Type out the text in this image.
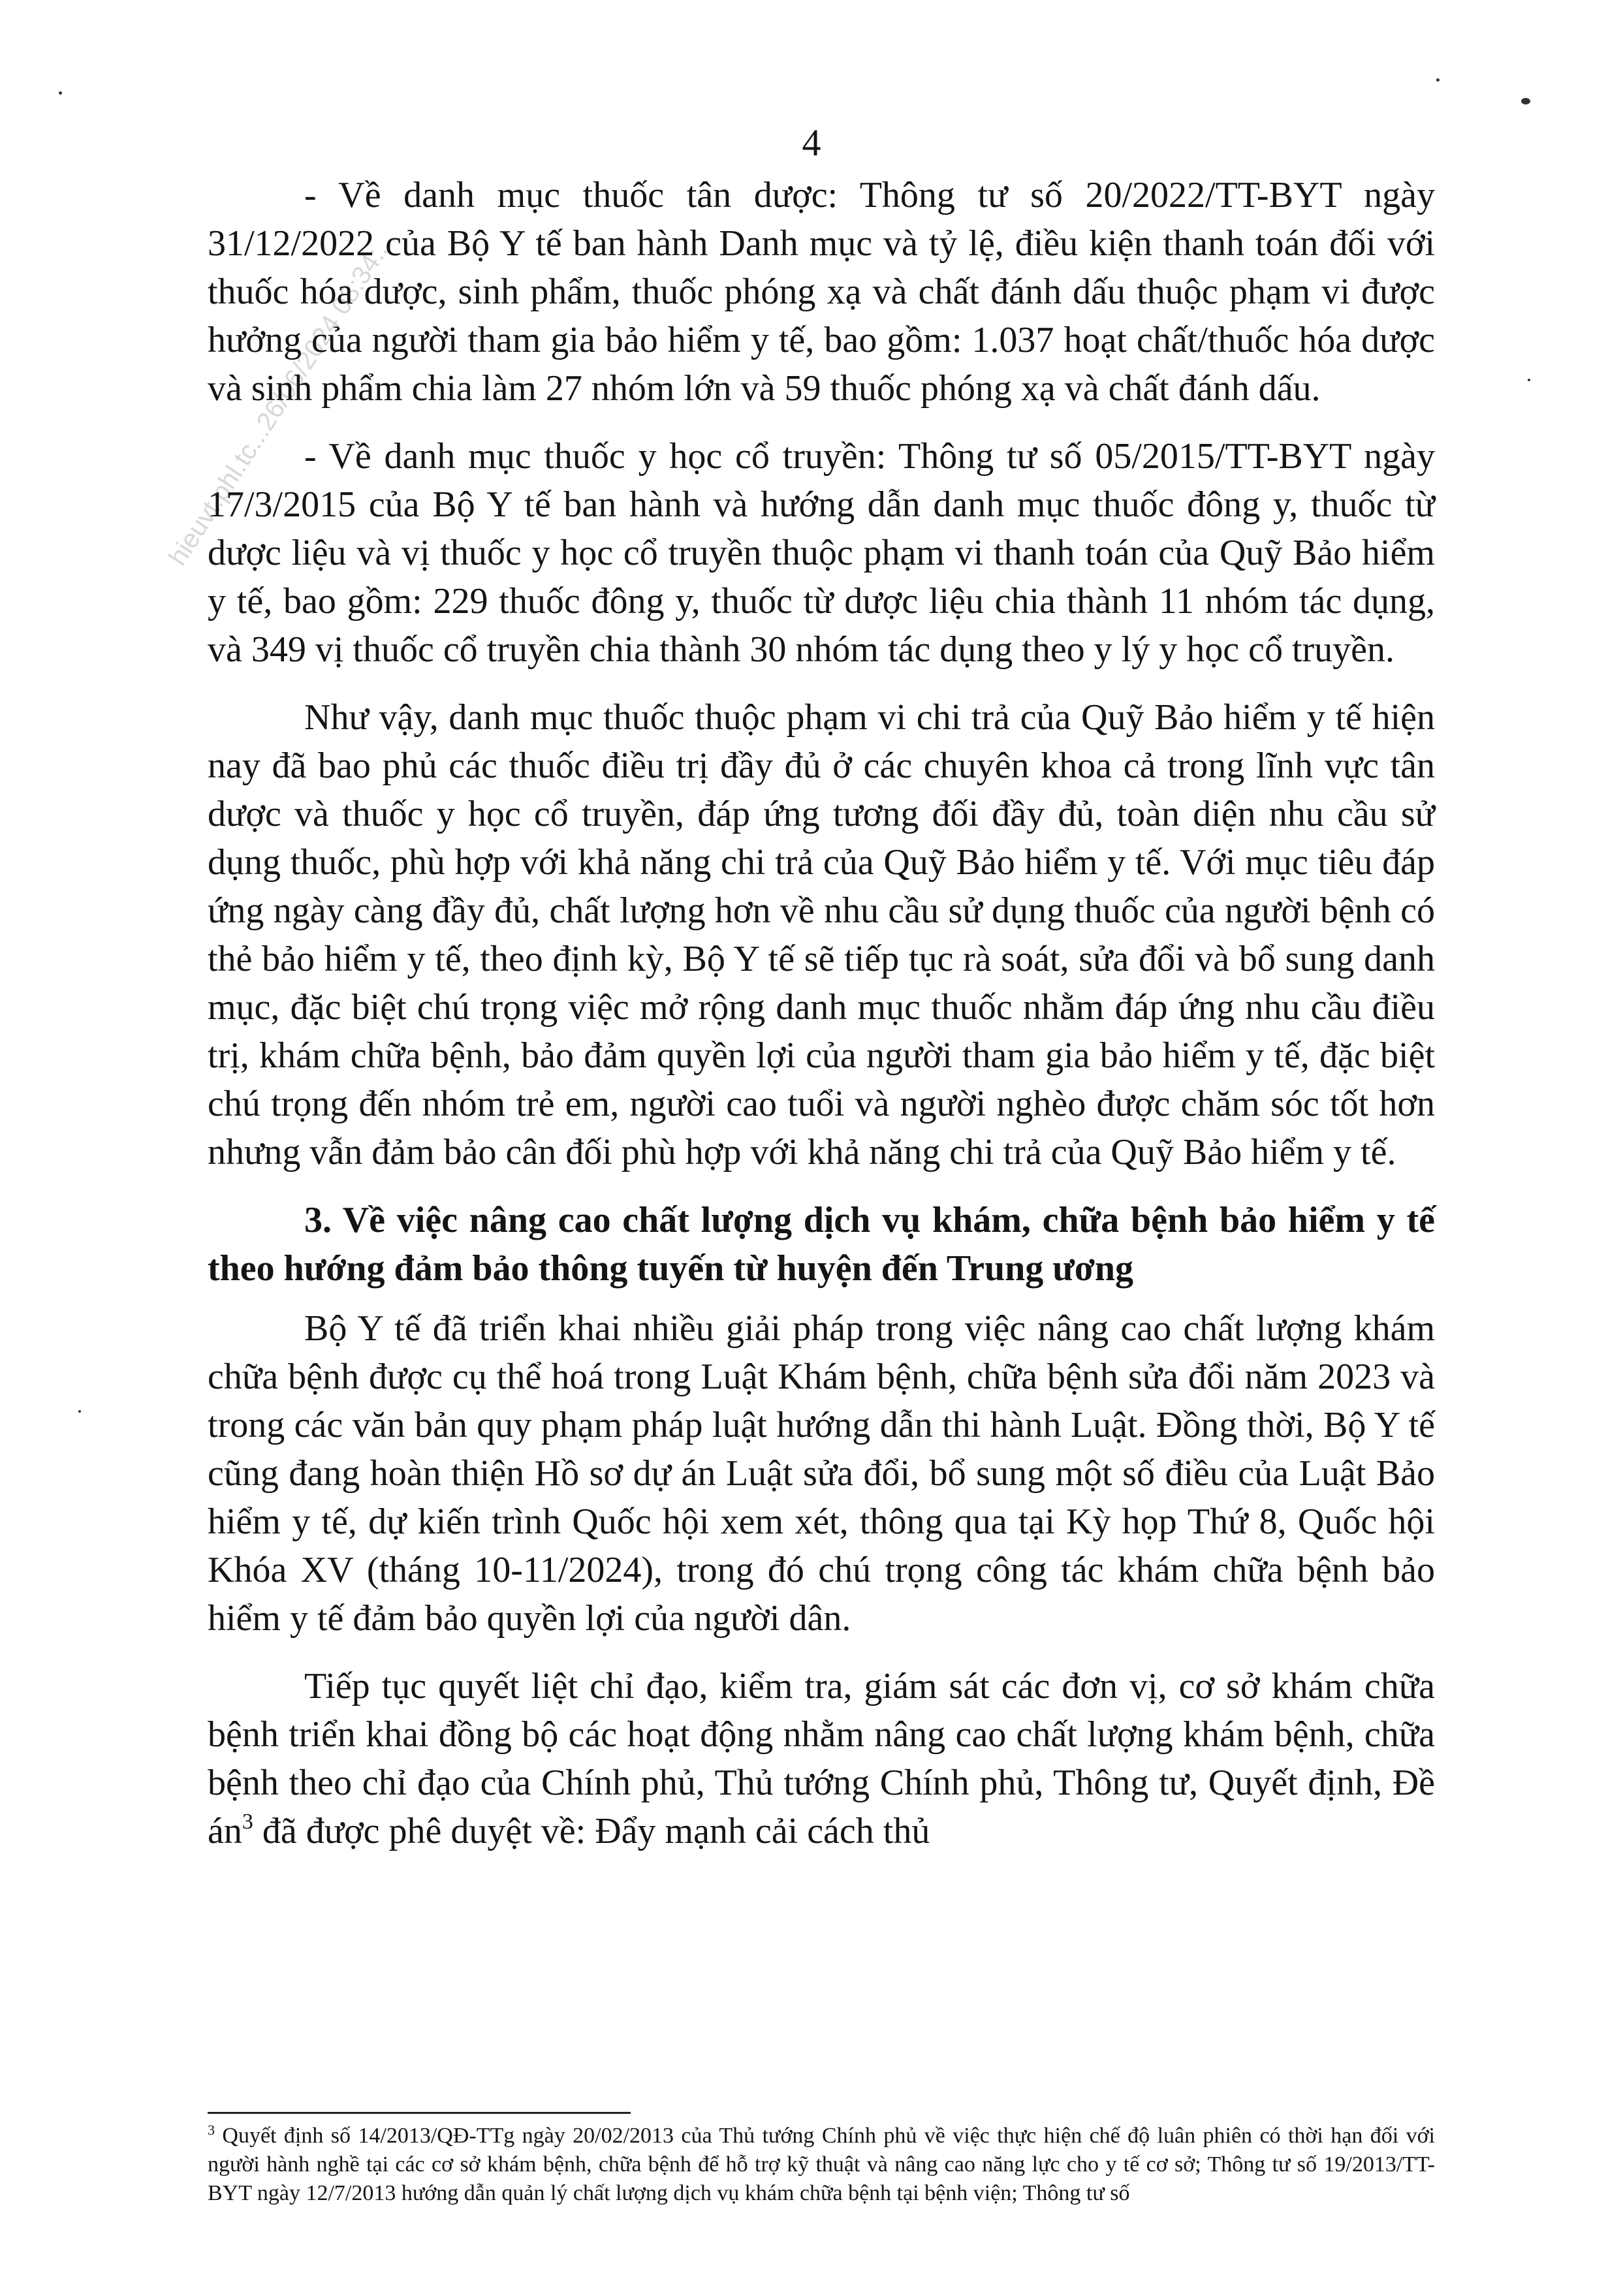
4
hieuvt.phl.tc...26/06/2024 08:34:...

- Về danh mục thuốc tân dược: Thông tư số 20/2022/TT-BYT ngày 31/12/2022 của Bộ Y tế ban hành Danh mục và tỷ lệ, điều kiện thanh toán đối với thuốc hóa dược, sinh phẩm, thuốc phóng xạ và chất đánh dấu thuộc phạm vi được hưởng của người tham gia bảo hiểm y tế, bao gồm: 1.037 hoạt chất/thuốc hóa dược và sinh phẩm chia làm 27 nhóm lớn và 59 thuốc phóng xạ và chất đánh dấu.

- Về danh mục thuốc y học cổ truyền: Thông tư số 05/2015/TT-BYT ngày 17/3/2015 của Bộ Y tế ban hành và hướng dẫn danh mục thuốc đông y, thuốc từ dược liệu và vị thuốc y học cổ truyền thuộc phạm vi thanh toán của Quỹ Bảo hiểm y tế, bao gồm: 229 thuốc đông y, thuốc từ dược liệu chia thành 11 nhóm tác dụng, và 349 vị thuốc cổ truyền chia thành 30 nhóm tác dụng theo y lý y học cổ truyền.

Như vậy, danh mục thuốc thuộc phạm vi chi trả của Quỹ Bảo hiểm y tế hiện nay đã bao phủ các thuốc điều trị đầy đủ ở các chuyên khoa cả trong lĩnh vực tân dược và thuốc y học cổ truyền, đáp ứng tương đối đầy đủ, toàn diện nhu cầu sử dụng thuốc, phù hợp với khả năng chi trả của Quỹ Bảo hiểm y tế. Với mục tiêu đáp ứng ngày càng đầy đủ, chất lượng hơn về nhu cầu sử dụng thuốc của người bệnh có thẻ bảo hiểm y tế, theo định kỳ, Bộ Y tế sẽ tiếp tục rà soát, sửa đổi và bổ sung danh mục, đặc biệt chú trọng việc mở rộng danh mục thuốc nhằm đáp ứng nhu cầu điều trị, khám chữa bệnh, bảo đảm quyền lợi của người tham gia bảo hiểm y tế, đặc biệt chú trọng đến nhóm trẻ em, người cao tuổi và người nghèo được chăm sóc tốt hơn nhưng vẫn đảm bảo cân đối phù hợp với khả năng chi trả của Quỹ Bảo hiểm y tế.

3. Về việc nâng cao chất lượng dịch vụ khám, chữa bệnh bảo hiểm y tế theo hướng đảm bảo thông tuyến từ huyện đến Trung ương

Bộ Y tế đã triển khai nhiều giải pháp trong việc nâng cao chất lượng khám chữa bệnh được cụ thể hoá trong Luật Khám bệnh, chữa bệnh sửa đổi năm 2023 và trong các văn bản quy phạm pháp luật hướng dẫn thi hành Luật. Đồng thời, Bộ Y tế cũng đang hoàn thiện Hồ sơ dự án Luật sửa đổi, bổ sung một số điều của Luật Bảo hiểm y tế, dự kiến trình Quốc hội xem xét, thông qua tại Kỳ họp Thứ 8, Quốc hội Khóa XV (tháng 10-11/2024), trong đó chú trọng công tác khám chữa bệnh bảo hiểm y tế đảm bảo quyền lợi của người dân.

Tiếp tục quyết liệt chỉ đạo, kiểm tra, giám sát các đơn vị, cơ sở khám chữa bệnh triển khai đồng bộ các hoạt động nhằm nâng cao chất lượng khám bệnh, chữa bệnh theo chỉ đạo của Chính phủ, Thủ tướng Chính phủ, Thông tư, Quyết định, Đề $án^3$ đã được phê duyệt về: Đẩy mạnh cải cách thủ

$^3$ Quyết định số 14/2013/QĐ-TTg ngày 20/02/2013 của Thủ tướng Chính phủ về việc thực hiện chế độ luân phiên có thời hạn đối với người hành nghề tại các cơ sở khám bệnh, chữa bệnh để hỗ trợ kỹ thuật và nâng cao năng lực cho y tế cơ sở; Thông tư số 19/2013/TT-BYT ngày 12/7/2013 hướng dẫn quản lý chất lượng dịch vụ khám chữa bệnh tại bệnh viện; Thông tư số
